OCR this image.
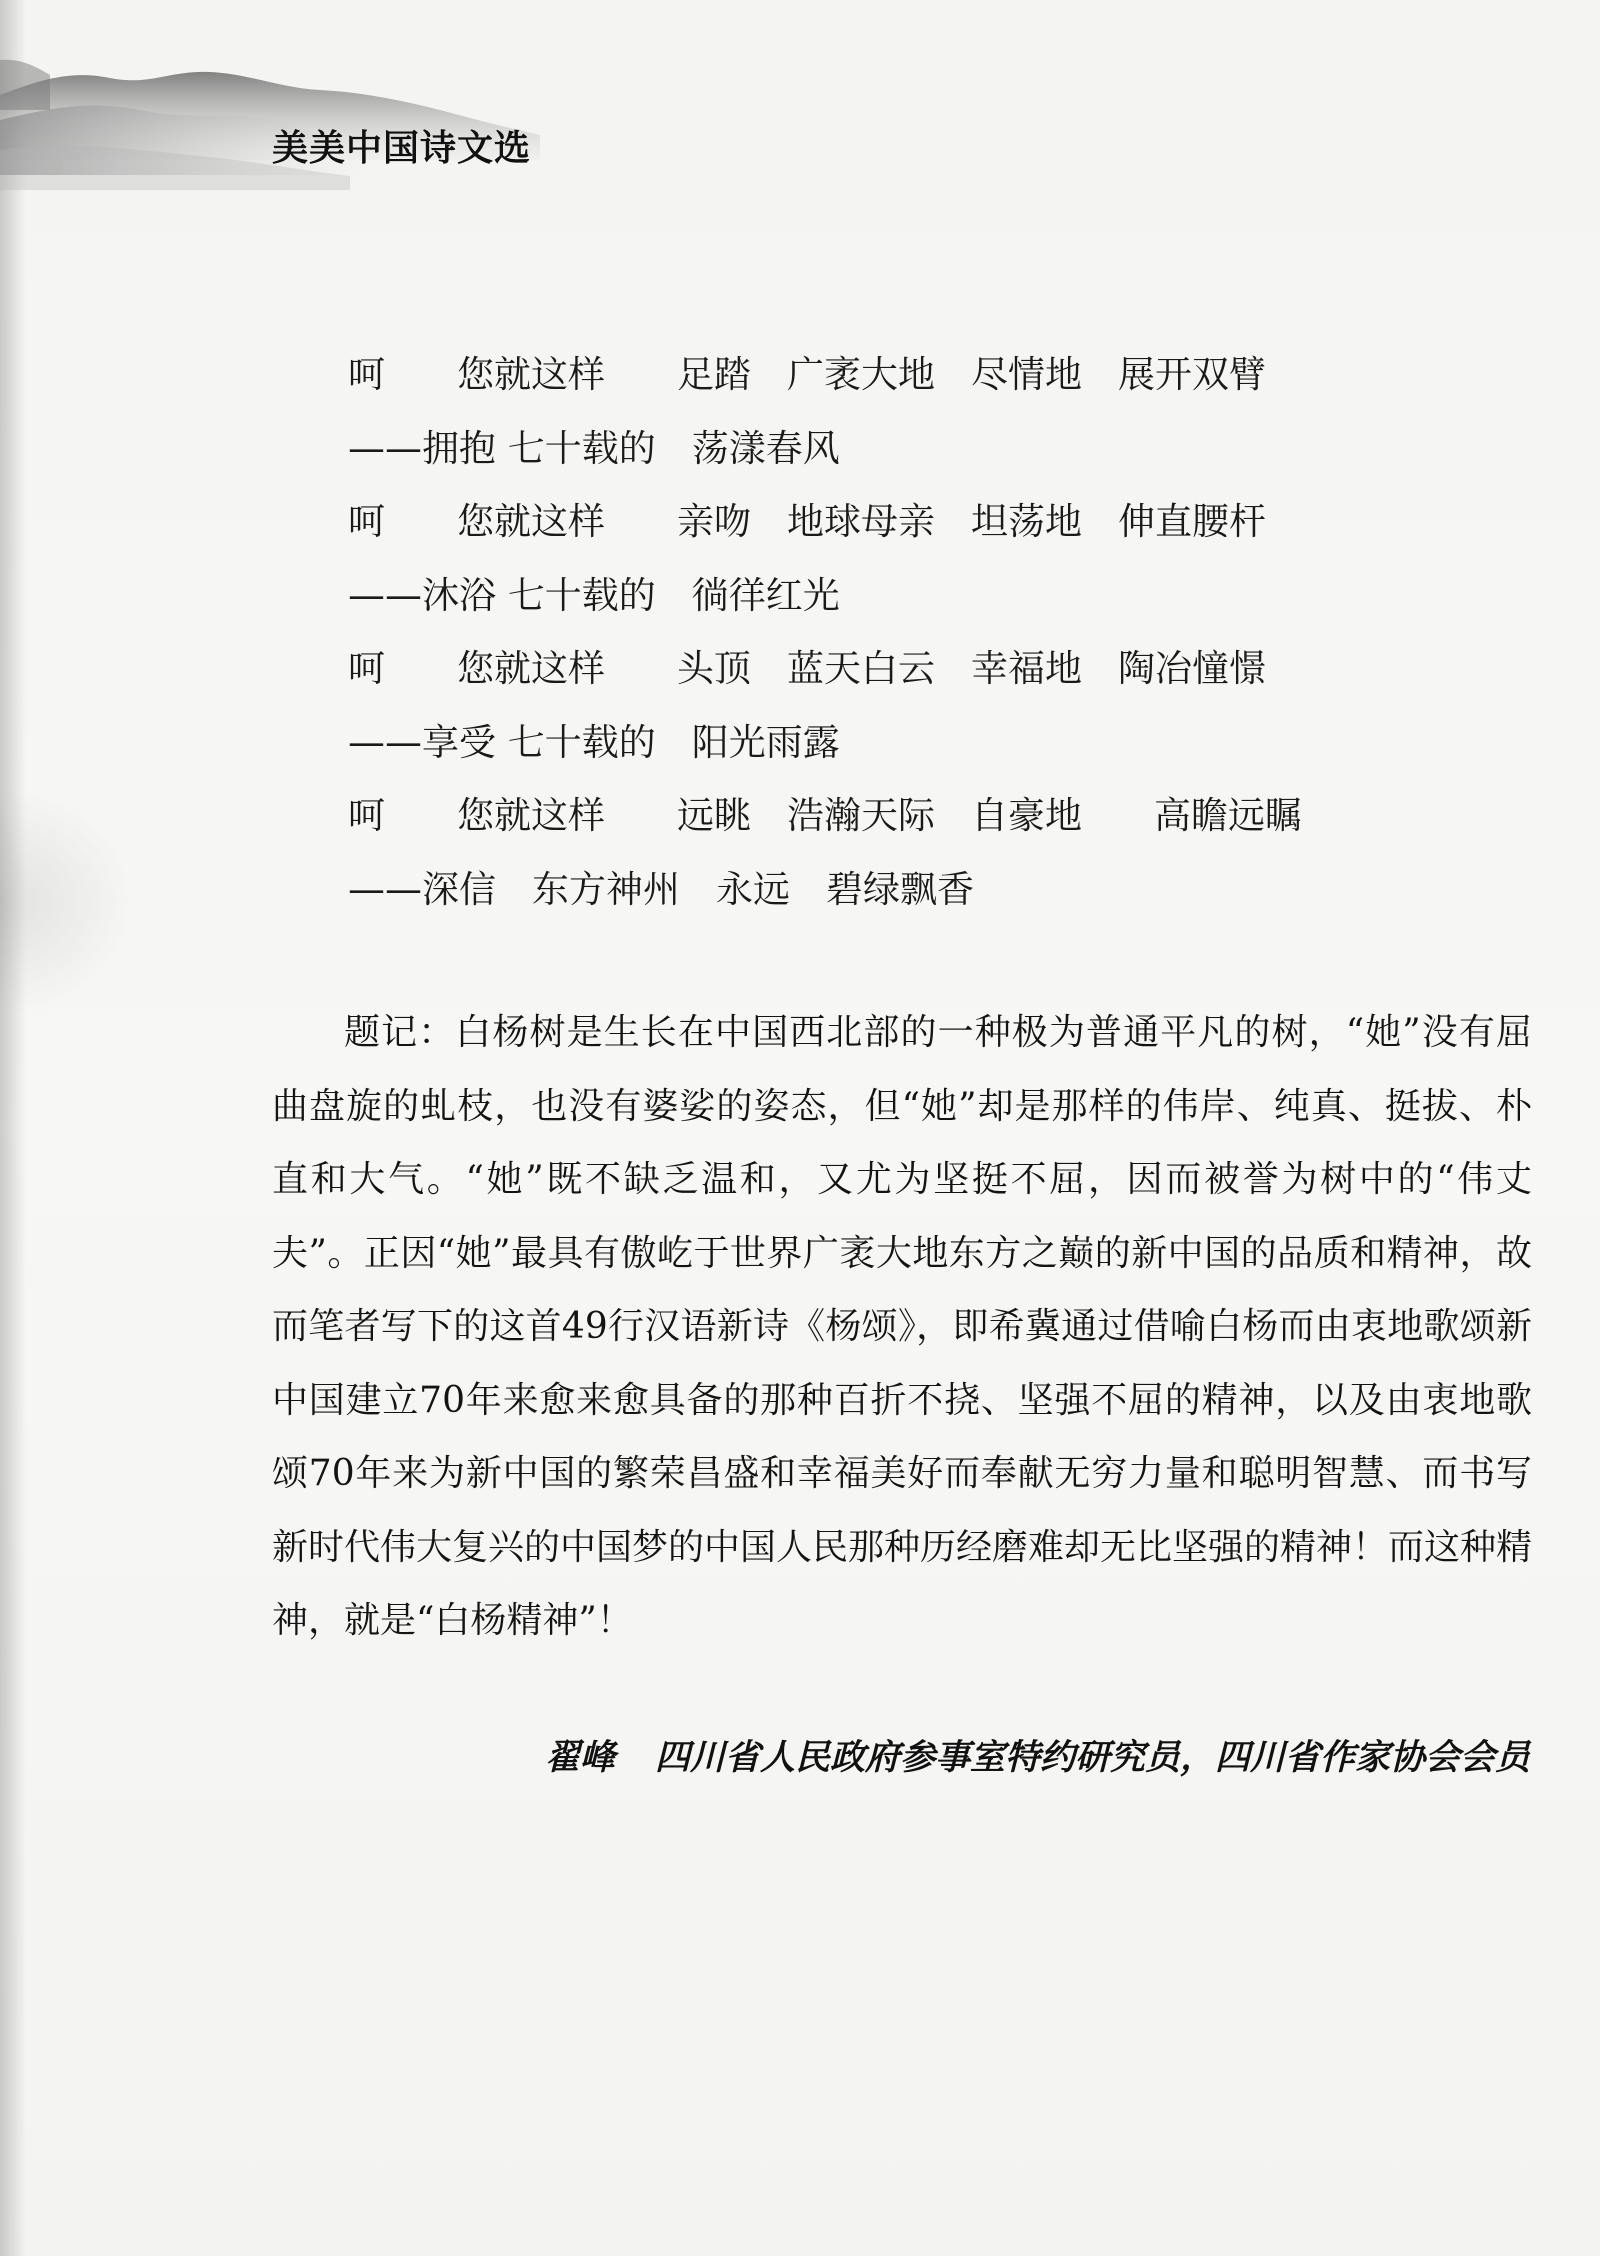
美美中国诗文选
呵 您就这样 足踏 广袤大地 尽情地 展开双臂
——拥抱 七十载的 荡漾春风
呵 您就这样 亲吻 地球母亲 坦荡地 伸直腰杆
——沐浴 七十载的 徜徉红光
呵 您就这样 头顶 蓝天白云 幸福地 陶冶憧憬
——享受 七十载的 阳光雨露
呵 您就这样 远眺 浩瀚天际 自豪地 高瞻远瞩
——深信 东方神州 永远 碧绿飘香
题记：白杨树是生长在中国西北部的一种极为普通平凡的树，“她”没有屈曲盘旋的虬枝，也没有婆娑的姿态，但“她”却是那样的伟岸、纯真、挺拔、朴直和大气。“她”既不缺乏温和，又尤为坚挺不屈，因而被誉为树中的“伟丈夫”。正因“她”最具有傲屹于世界广袤大地东方之巅的新中国的品质和精神，故而笔者写下的这首49行汉语新诗《杨颂》，即希冀通过借喻白杨而由衷地歌颂新中国建立70年来愈来愈具备的那种百折不挠、坚强不屈的精神，以及由衷地歌颂70年来为新中国的繁荣昌盛和幸福美好而奉献无穷力量和聪明智慧、而书写新时代伟大复兴的中国梦的中国人民那种历经磨难却无比坚强的精神！而这种精神，就是“白杨精神”！
翟峰 四川省人民政府参事室特约研究员，四川省作家协会会员
